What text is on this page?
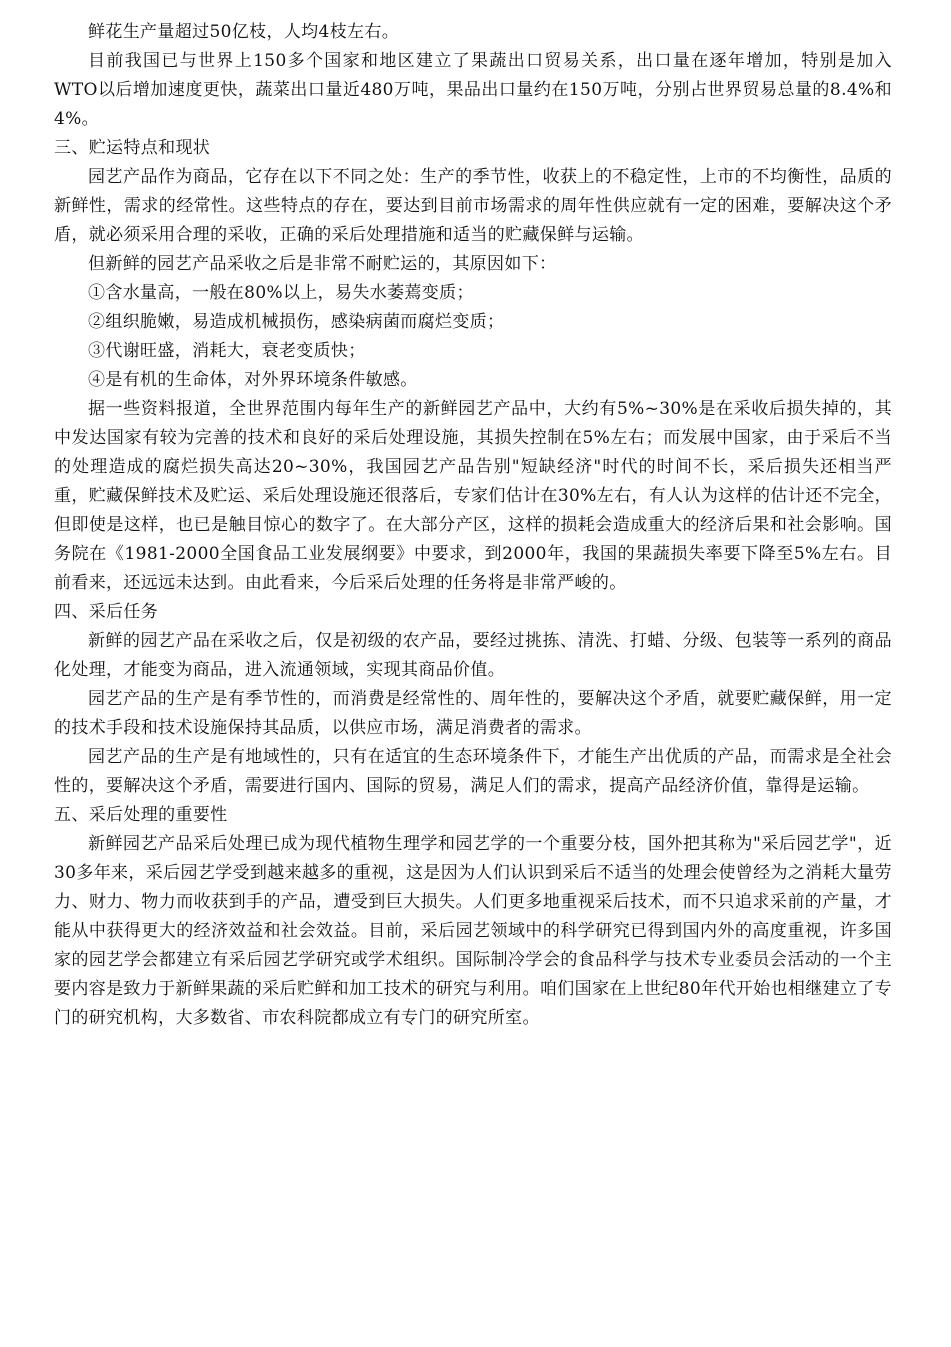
鲜花生产量超过50亿枝，人均4枝左右。

目前我国已与世界上150多个国家和地区建立了果蔬出口贸易关系，出口量在逐年增加，特别是加入WTO以后增加速度更快，蔬菜出口量近480万吨，果品出口量约在150万吨，分别占世界贸易总量的8.4%和4%。

三、贮运特点和现状

园艺产品作为商品，它存在以下不同之处：生产的季节性，收获上的不稳定性，上市的不均衡性，品质的新鲜性，需求的经常性。这些特点的存在，要达到目前市场需求的周年性供应就有一定的困难，要解决这个矛盾，就必须采用合理的采收，正确的采后处理措施和适当的贮藏保鲜与运输。

但新鲜的园艺产品采收之后是非常不耐贮运的，其原因如下：

①含水量高，一般在80%以上，易失水萎蔫变质；

②组织脆嫩，易造成机械损伤，感染病菌而腐烂变质；

③代谢旺盛，消耗大，衰老变质快；

④是有机的生命体，对外界环境条件敏感。

据一些资料报道，全世界范围内每年生产的新鲜园艺产品中，大约有5%~30%是在采收后损失掉的，其中发达国家有较为完善的技术和良好的采后处理设施，其损失控制在5%左右；而发展中国家，由于采后不当的处理造成的腐烂损失高达20~30%，我国园艺产品告别"短缺经济"时代的时间不长，采后损失还相当严重，贮藏保鲜技术及贮运、采后处理设施还很落后，专家们估计在30%左右，有人认为这样的估计还不完全，但即使是这样，也已是触目惊心的数字了。在大部分产区，这样的损耗会造成重大的经济后果和社会影响。国务院在《1981-2000全国食品工业发展纲要》中要求，到2000年，我国的果蔬损失率要下降至5%左右。目前看来，还远远未达到。由此看来，今后采后处理的任务将是非常严峻的。

四、采后任务

新鲜的园艺产品在采收之后，仅是初级的农产品，要经过挑拣、清洗、打蜡、分级、包装等一系列的商品化处理，才能变为商品，进入流通领域，实现其商品价值。

园艺产品的生产是有季节性的，而消费是经常性的、周年性的，要解决这个矛盾，就要贮藏保鲜，用一定的技术手段和技术设施保持其品质，以供应市场，满足消费者的需求。

园艺产品的生产是有地域性的，只有在适宜的生态环境条件下，才能生产出优质的产品，而需求是全社会性的，要解决这个矛盾，需要进行国内、国际的贸易，满足人们的需求，提高产品经济价值，靠得是运输。

五、采后处理的重要性

新鲜园艺产品采后处理已成为现代植物生理学和园艺学的一个重要分枝，国外把其称为"采后园艺学"，近30多年来，采后园艺学受到越来越多的重视，这是因为人们认识到采后不适当的处理会使曾经为之消耗大量劳力、财力、物力而收获到手的产品，遭受到巨大损失。人们更多地重视采后技术，而不只追求采前的产量，才能从中获得更大的经济效益和社会效益。目前，采后园艺领域中的科学研究已得到国内外的高度重视，许多国家的园艺学会都建立有采后园艺学研究或学术组织。国际制冷学会的食品科学与技术专业委员会活动的一个主要内容是致力于新鲜果蔬的采后贮鲜和加工技术的研究与利用。咱们国家在上世纪80年代开始也相继建立了专门的研究机构，大多数省、市农科院都成立有专门的研究所室。
